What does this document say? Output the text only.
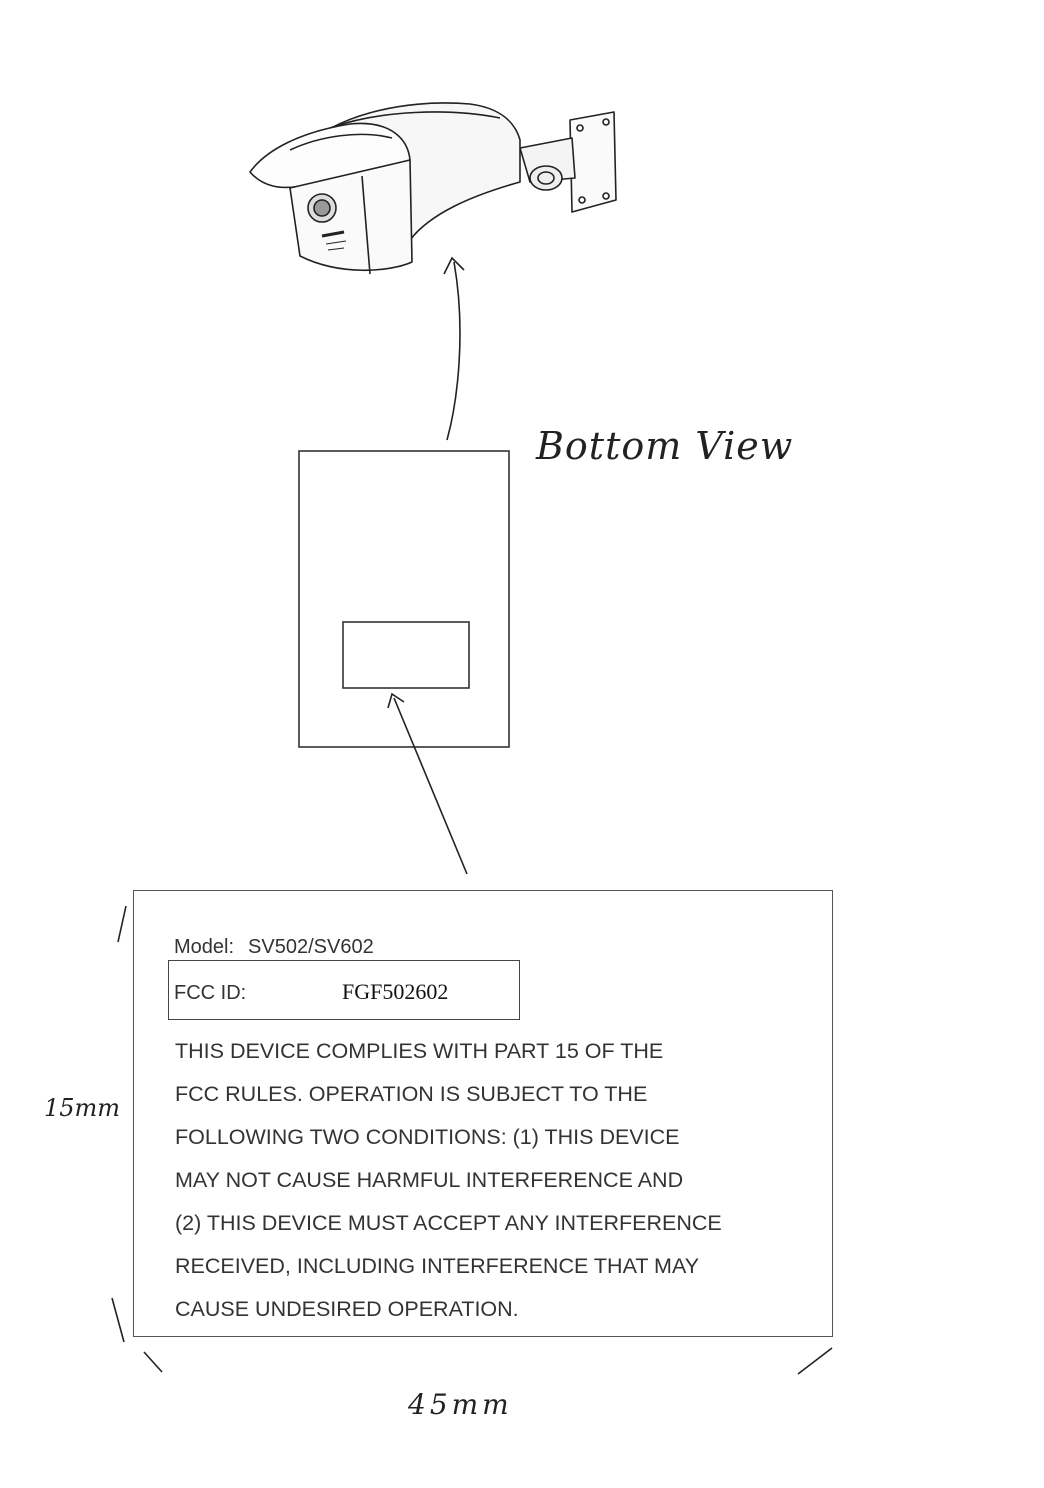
Bottom View
15mm
45mm
Model: SV502/SV602
FCC ID:	FGF502602
THIS DEVICE COMPLIES WITH PART 15 OF THE
FCC RULES. OPERATION IS SUBJECT TO THE
FOLLOWING TWO CONDITIONS: (1) THIS DEVICE
MAY NOT CAUSE HARMFUL INTERFERENCE AND
(2) THIS DEVICE MUST ACCEPT ANY INTERFERENCE
RECEIVED, INCLUDING INTERFERENCE THAT MAY
CAUSE UNDESIRED OPERATION.
